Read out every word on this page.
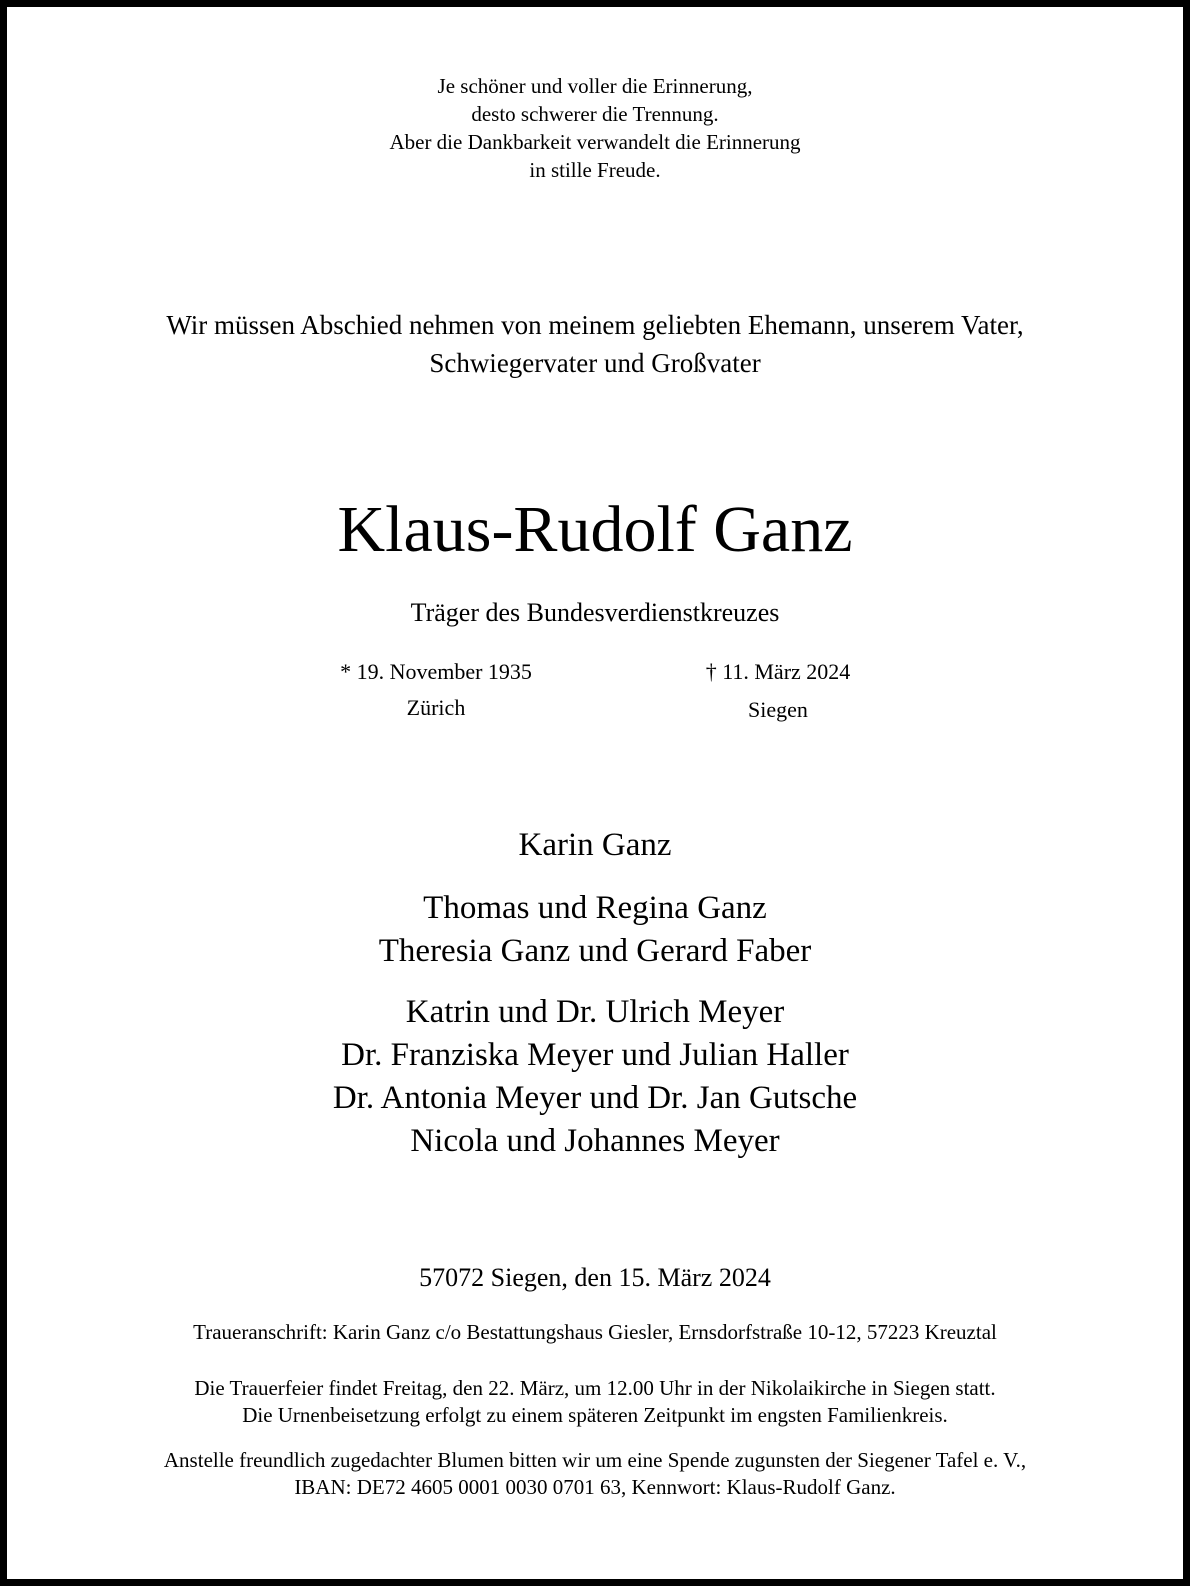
Je schöner und voller die Erinnerung,
desto schwerer die Trennung.
Aber die Dankbarkeit verwandelt die Erinnerung
in stille Freude.
Wir müssen Abschied nehmen von meinem geliebten Ehemann, unserem Vater,
Schwiegervater und Großvater
Klaus-Rudolf Ganz
Träger des Bundesverdienstkreuzes
* 19. November 1935
Zürich
† 11. März 2024
Siegen
Karin Ganz
Thomas und Regina Ganz
Theresia Ganz und Gerard Faber
Katrin und Dr. Ulrich Meyer
Dr. Franziska Meyer und Julian Haller
Dr. Antonia Meyer und Dr. Jan Gutsche
Nicola und Johannes Meyer
57072 Siegen, den 15. März 2024
Traueranschrift: Karin Ganz c/o Bestattungshaus Giesler, Ernsdorfstraße 10-12, 57223 Kreuztal
Die Trauerfeier findet Freitag, den 22. März, um 12.00 Uhr in der Nikolaikirche in Siegen statt.
Die Urnenbeisetzung erfolgt zu einem späteren Zeitpunkt im engsten Familienkreis.
Anstelle freundlich zugedachter Blumen bitten wir um eine Spende zugunsten der Siegener Tafel e. V.,
IBAN: DE72 4605 0001 0030 0701 63, Kennwort: Klaus-Rudolf Ganz.
